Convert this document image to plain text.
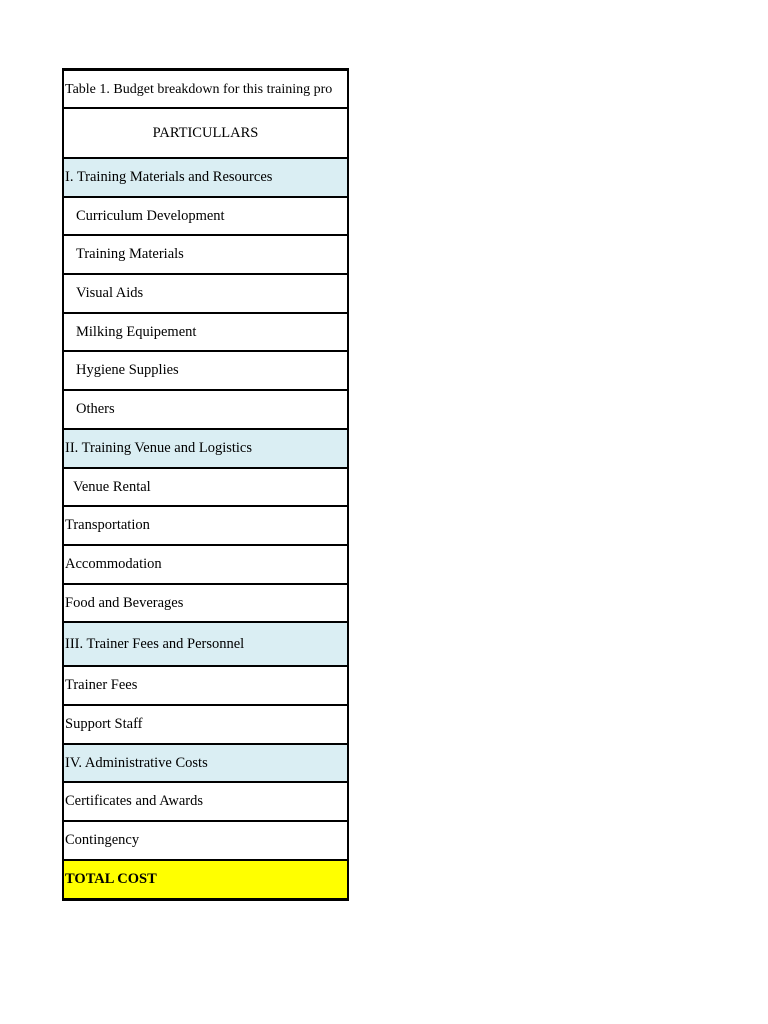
Table 1. Budget breakdown for this training pro
PARTICULLARS
I. Training Materials and Resources
Curriculum Development
Training Materials
Visual Aids
Milking Equipement
Hygiene Supplies
Others
II. Training Venue and Logistics
Venue Rental
Transportation
Accommodation
Food and Beverages
III. Trainer Fees and Personnel
Trainer Fees
Support Staff
IV. Administrative Costs
Certificates and Awards
Contingency
TOTAL COST
